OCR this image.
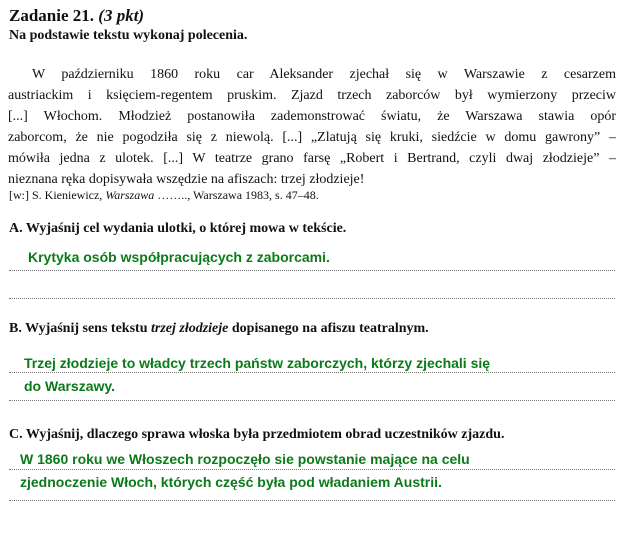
Zadanie 21. (3 pkt)
Na podstawie tekstu wykonaj polecenia.
W październiku 1860 roku car Aleksander zjechał się w Warszawie z cesarzem
austriackim i księciem-regentem pruskim. Zjazd trzech zaborców był wymierzony przeciw
[...] Włochom. Młodzież postanowiła zademonstrować światu, że Warszawa stawia opór
zaborcom, że nie pogodziła się z niewolą. [...] „Zlatują się kruki, siedźcie w domu gawrony” –
mówiła jedna z ulotek. [...] W teatrze grano farsę „Robert i Bertrand, czyli dwaj złodzieje” –
nieznana ręka dopisywała wszędzie na afiszach: trzej złodzieje!
[w:] S. Kieniewicz, Warszawa …….., Warszawa 1983, s. 47–48.
A. Wyjaśnij cel wydania ulotki, o której mowa w tekście.
Krytyka osób współpracujących z zaborcami.
B. Wyjaśnij sens tekstu trzej złodzieje dopisanego na afiszu teatralnym.
Trzej złodzieje to władcy trzech państw zaborczych, którzy zjechali się
do Warszawy.
C. Wyjaśnij, dlaczego sprawa włoska była przedmiotem obrad uczestników zjazdu.
W 1860 roku we Włoszech rozpoczęło sie powstanie mające na celu
zjednoczenie Włoch, których część była pod władaniem Austrii.
